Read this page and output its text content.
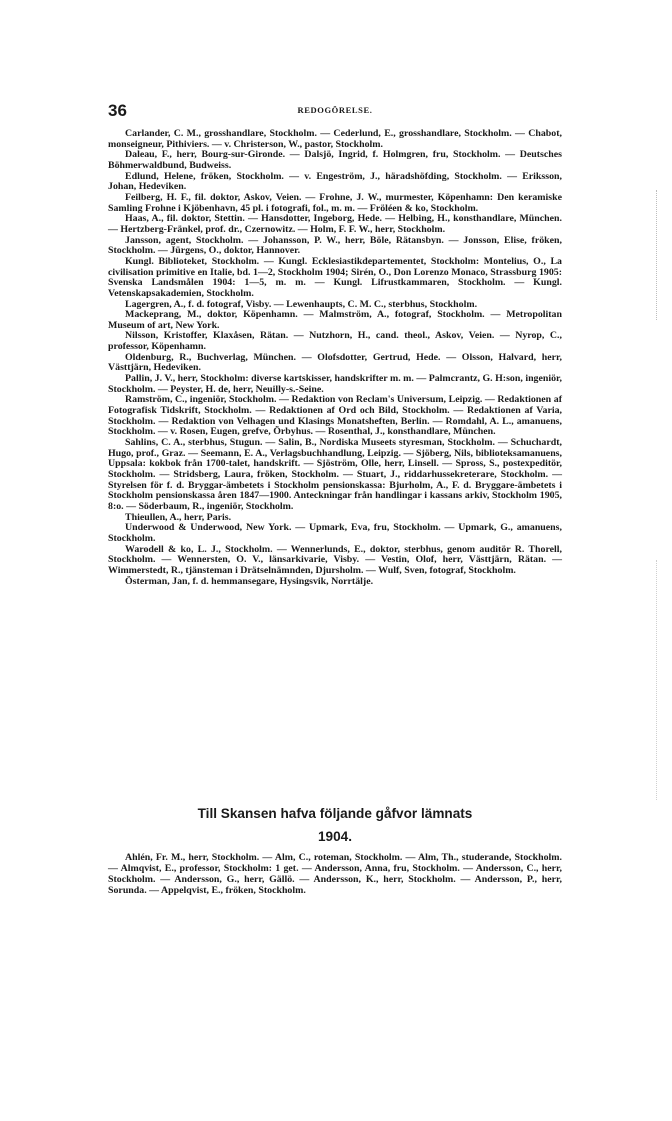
36	REDOGÖRELSE.

Carlander, C. M., grosshandlare, Stockholm. — Cederlund, E., grosshandlare, Stockholm. — Chabot, monseigneur, Pithiviers. — v. Christerson, W., pastor, Stockholm.

Daleau, F., herr, Bourg-sur-Gironde. — Dalsjö, Ingrid, f. Holmgren, fru, Stockholm. — Deutsches Böhmerwaldbund, Budweiss.

Edlund, Helene, fröken, Stockholm. — v. Engeström, J., häradshöfding, Stockholm. — Eriksson, Johan, Hedeviken.

Feilberg, H. F., fil. doktor, Askov, Veien. — Frohne, J. W., murmester, Köpenhamn: Den keramiske Samling Frohne i Kjöbenhavn, 45 pl. i fotografi, fol., m. m. — Fröléen & ko, Stockholm.

Haas, A., fil. doktor, Stettin. — Hansdotter, Ingeborg, Hede. — Helbing, H., konsthandlare, München. — Hertzberg-Fränkel, prof. dr., Czernowitz. — Holm, F. F. W., herr, Stockholm.

Jansson, agent, Stockholm. — Johansson, P. W., herr, Böle, Rätansbyn. — Jonsson, Elise, fröken, Stockholm. — Jürgens, O., doktor, Hannover.

Kungl. Biblioteket, Stockholm. — Kungl. Ecklesiastikdepartementet, Stockholm: Montelius, O., La civilisation primitive en Italie, bd. 1—2, Stockholm 1904; Sirén, O., Don Lorenzo Monaco, Strassburg 1905: Svenska Landsmålen 1904: 1—5, m. m. — Kungl. Lifrustkammaren, Stockholm. — Kungl. Vetenskapsakademien, Stockholm.

Lagergren, A., f. d. fotograf, Visby. — Lewenhaupts, C. M. C., sterbhus, Stockholm.

Mackeprang, M., doktor, Köpenhamn. — Malmström, A., fotograf, Stockholm. — Metropolitan Museum of art, New York.

Nilsson, Kristoffer, Klaxåsen, Rätan. — Nutzhorn, H., cand. theol., Askov, Veien. — Nyrop, C., professor, Köpenhamn.

Oldenburg, R., Buchverlag, München. — Olofsdotter, Gertrud, Hede. — Olsson, Halvard, herr, Västtjärn, Hedeviken.

Pallin, J. V., herr, Stockholm: diverse kartskisser, handskrifter m. m. — Palmcrantz, G. H:son, ingeniör, Stockholm. — Peyster, H. de, herr, Neuilly-s.-Seine.

Ramström, C., ingeniör, Stockholm. — Redaktion von Reclam's Universum, Leipzig. — Redaktionen af Fotografisk Tidskrift, Stockholm. — Redaktionen af Ord och Bild, Stockholm. — Redaktionen af Varia, Stockholm. — Redaktion von Velhagen und Klasings Monatsheften, Berlin. — Romdahl, A. L., amanuens, Stockholm. — v. Rosen, Eugen, grefve, Örbyhus. — Rosenthal, J., konsthandlare, München.

Sahlins, C. A., sterbhus, Stugun. — Salin, B., Nordiska Museets styresman, Stockholm. — Schuchardt, Hugo, prof., Graz. — Seemann, E. A., Verlagsbuchhandlung, Leipzig. — Sjöberg, Nils, biblioteksamanuens, Uppsala: kokbok från 1700-talet, handskrift. — Sjöström, Olle, herr, Linsell. — Spross, S., postexpeditör, Stockholm. — Stridsberg, Laura, fröken, Stockholm. — Stuart, J., riddarhussekreterare, Stockholm. — Styrelsen för f. d. Bryggar-ämbetets i Stockholm pensionskassa: Bjurholm, A., F. d. Bryggare-ämbetets i Stockholm pensionskassa åren 1847—1900. Anteckningar från handlingar i kassans arkiv, Stockholm 1905, 8:o. — Söderbaum, R., ingeniör, Stockholm.

Thieullen, A., herr, Paris.

Underwood & Underwood, New York. — Upmark, Eva, fru, Stockholm. — Upmark, G., amanuens, Stockholm.

Warodell & ko, L. J., Stockholm. — Wennerlunds, E., doktor, sterbhus, genom auditör R. Thorell, Stockholm. — Wennersten, O. V., länsarkivarie, Visby. — Vestin, Olof, herr, Västtjärn, Rätan. — Wimmerstedt, R., tjänsteman i Drätselnämnden, Djursholm. — Wulf, Sven, fotograf, Stockholm.

Österman, Jan, f. d. hemmansegare, Hysingsvik, Norrtälje.

Till Skansen hafva följande gåfvor lämnats
1904.

Ahlén, Fr. M., herr, Stockholm. — Alm, C., roteman, Stockholm. — Alm, Th., studerande, Stockholm. — Almqvist, E., professor, Stockholm: 1 get. — Andersson, Anna, fru, Stockholm. — Andersson, C., herr, Stockholm. — Andersson, G., herr, Gällö. — Andersson, K., herr, Stockholm. — Andersson, P., herr, Sorunda. — Appelqvist, E., fröken, Stockholm.
